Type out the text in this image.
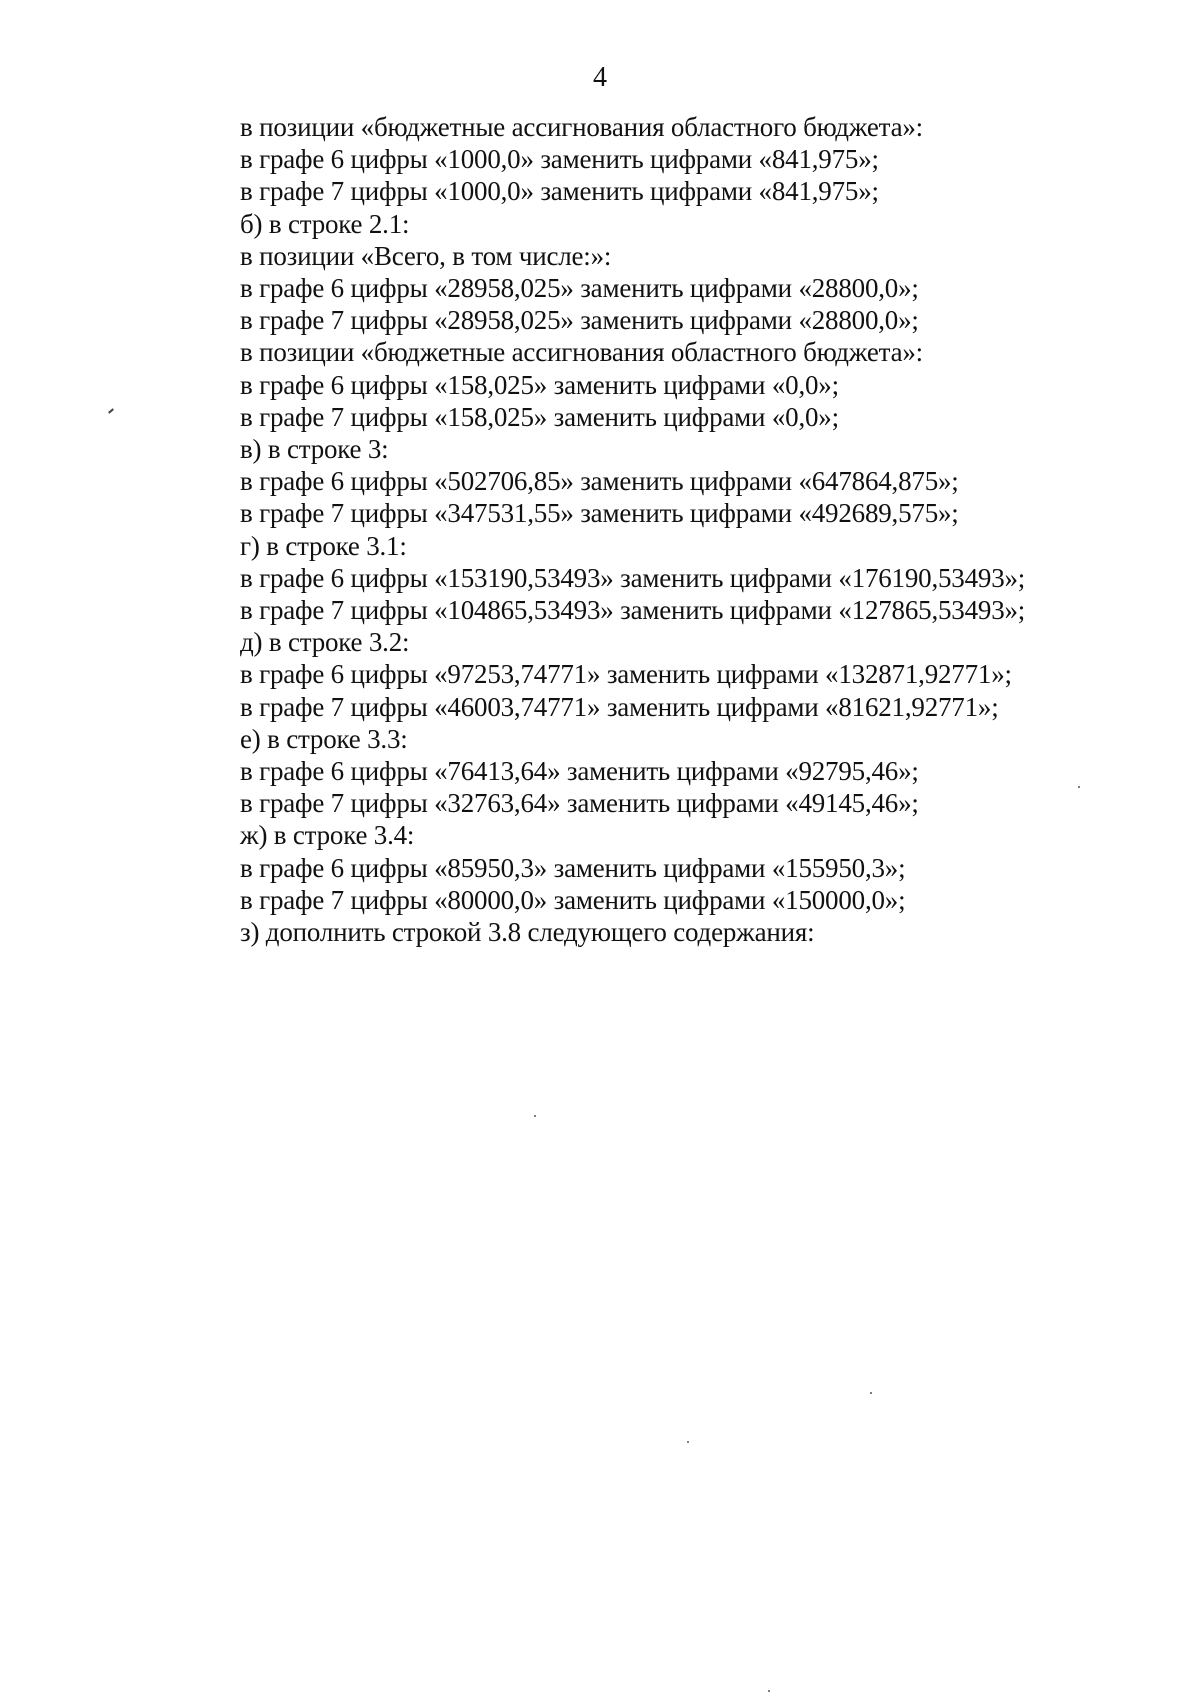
4
в позиции «бюджетные ассигнования областного бюджета»:
в графе 6 цифры «1000,0» заменить цифрами «841,975»;
в графе 7 цифры «1000,0» заменить цифрами «841,975»;
б) в строке 2.1:
в позиции «Всего, в том числе:»:
в графе 6 цифры «28958,025» заменить цифрами «28800,0»;
в графе 7 цифры «28958,025» заменить цифрами «28800,0»;
в позиции «бюджетные ассигнования областного бюджета»:
в графе 6 цифры «158,025» заменить цифрами «0,0»;
в графе 7 цифры «158,025» заменить цифрами «0,0»;
в) в строке 3:
в графе 6 цифры «502706,85» заменить цифрами «647864,875»;
в графе 7 цифры «347531,55» заменить цифрами «492689,575»;
г) в строке 3.1:
в графе 6 цифры «153190,53493» заменить цифрами «176190,53493»;
в графе 7 цифры «104865,53493» заменить цифрами «127865,53493»;
д) в строке 3.2:
в графе 6 цифры «97253,74771» заменить цифрами «132871,92771»;
в графе 7 цифры «46003,74771» заменить цифрами «81621,92771»;
е) в строке 3.3:
в графе 6 цифры «76413,64» заменить цифрами «92795,46»;
в графе 7 цифры «32763,64» заменить цифрами «49145,46»;
ж) в строке 3.4:
в графе 6 цифры «85950,3» заменить цифрами «155950,3»;
в графе 7 цифры «80000,0» заменить цифрами «150000,0»;
з) дополнить строкой 3.8 следующего содержания:
